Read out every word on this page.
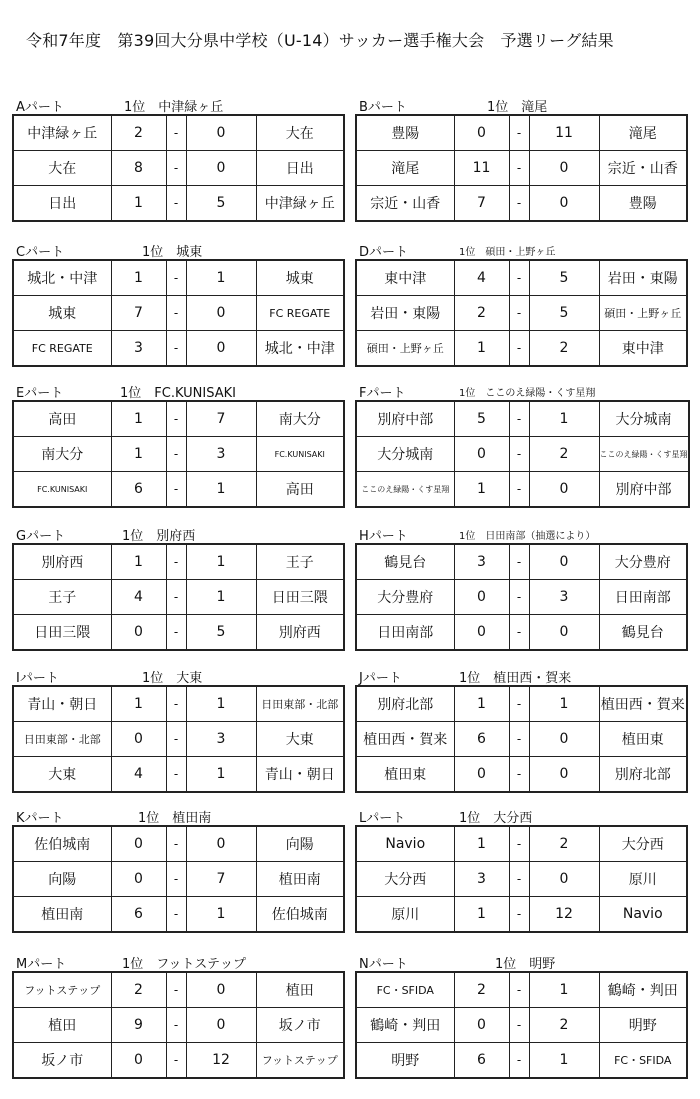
令和7年度　第39回大分県中学校（U-14）サッカー選手権大会　予選リーグ結果
Aパート	1位　中津緑ヶ丘
中津緑ヶ丘	2	-	0	大在
大在	8	-	0	日出
日出	1	-	5	中津緑ヶ丘
Bパート	1位　滝尾
豊陽	0	-	11	滝尾
滝尾	11	-	0	宗近・山香
宗近・山香	7	-	0	豊陽
Cパート	1位　城東
城北・中津	1	-	1	城東
城東	7	-	0	FC REGATE
FC REGATE	3	-	0	城北・中津
Dパート	1位　碩田・上野ヶ丘
東中津	4	-	5	岩田・東陽
岩田・東陽	2	-	5	碩田・上野ヶ丘
碩田・上野ヶ丘	1	-	2	東中津
Eパート	1位　FC.KUNISAKI
高田	1	-	7	南大分
南大分	1	-	3	FC.KUNISAKI
FC.KUNISAKI	6	-	1	高田
Fパート	1位　ここのえ緑陽・くす星翔
別府中部	5	-	1	大分城南
大分城南	0	-	2	ここのえ緑陽・くす星翔
ここのえ緑陽・くす星翔	1	-	0	別府中部
Gパート	1位　別府西
別府西	1	-	1	王子
王子	4	-	1	日田三隈
日田三隈	0	-	5	別府西
Hパート	1位　日田南部（抽選により）
鶴見台	3	-	0	大分豊府
大分豊府	0	-	3	日田南部
日田南部	0	-	0	鶴見台
Iパート	1位　大東
青山・朝日	1	-	1	日田東部・北部
日田東部・北部	0	-	3	大東
大東	4	-	1	青山・朝日
Jパート	1位　植田西・賀来
別府北部	1	-	1	植田西・賀来
植田西・賀来	6	-	0	植田東
植田東	0	-	0	別府北部
Kパート	1位　植田南
佐伯城南	0	-	0	向陽
向陽	0	-	7	植田南
植田南	6	-	1	佐伯城南
Lパート	1位　大分西
Navio	1	-	2	大分西
大分西	3	-	0	原川
原川	1	-	12	Navio
Mパート	1位　フットステップ
フットステップ	2	-	0	植田
植田	9	-	0	坂ノ市
坂ノ市	0	-	12	フットステップ
Nパート	1位　明野
FC・SFIDA	2	-	1	鶴崎・判田
鶴崎・判田	0	-	2	明野
明野	6	-	1	FC・SFIDA
